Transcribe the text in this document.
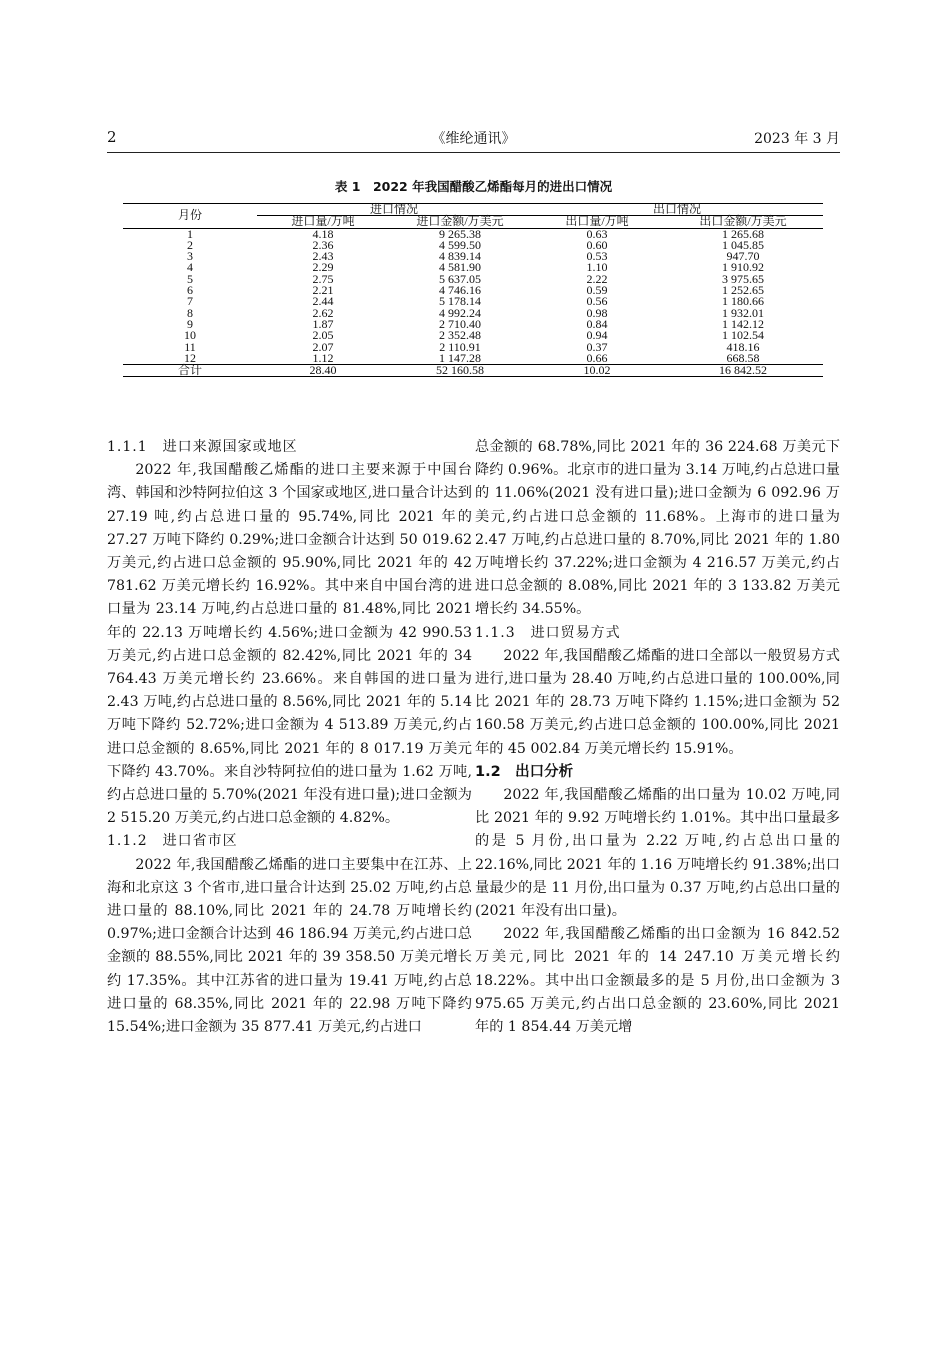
2	《维纶通讯》	2023 年 3 月
表 1　2022 年我国醋酸乙烯酯每月的进出口情况
月份	进口情况		出口情况	
	进口量/万吨	进口金额/万美元	出口量/万吨	出口金额/万美元
1	4.18	9 265.38	0.63	1 265.68
2	2.36	4 599.50	0.60	1 045.85
3	2.43	4 839.14	0.53	947.70
4	2.29	4 581.90	1.10	1 910.92
5	2.75	5 637.05	2.22	3 975.65
6	2.21	4 746.16	0.59	1 252.65
7	2.44	5 178.14	0.56	1 180.66
8	2.62	4 992.24	0.98	1 932.01
9	1.87	2 710.40	0.84	1 142.12
10	2.05	2 352.48	0.94	1 102.54
11	2.07	2 110.91	0.37	418.16
12	1.12	1 147.28	0.66	668.58
合计	28.40	52 160.58	10.02	16 842.52
1.1.1　进口来源国家或地区

2022 年,我国醋酸乙烯酯的进口主要来源于中国台湾、韩国和沙特阿拉伯这 3 个国家或地区,进口量合计达到 27.19 吨,约占总进口量的 95.74%,同比 2021 年的 27.27 万吨下降约 0.29%;进口金额合计达到 50 019.62 万美元,约占进口总金额的 95.90%,同比 2021 年的 42 781.62 万美元增长约 16.92%。其中来自中国台湾的进口量为 23.14 万吨,约占总进口量的 81.48%,同比 2021 年的 22.13 万吨增长约 4.56%;进口金额为 42 990.53 万美元,约占进口总金额的 82.42%,同比 2021 年的 34 764.43 万美元增长约 23.66%。来自韩国的进口量为 2.43 万吨,约占总进口量的 8.56%,同比 2021 年的 5.14 万吨下降约 52.72%;进口金额为 4 513.89 万美元,约占进口总金额的 8.65%,同比 2021 年的 8 017.19 万美元下降约 43.70%。来自沙特阿拉伯的进口量为 1.62 万吨,约占总进口量的 5.70%(2021 年没有进口量);进口金额为 2 515.20 万美元,约占进口总金额的 4.82%。

1.1.2　进口省市区

2022 年,我国醋酸乙烯酯的进口主要集中在江苏、上海和北京这 3 个省市,进口量合计达到 25.02 万吨,约占总进口量的 88.10%,同比 2021 年的 24.78 万吨增长约 0.97%;进口金额合计达到 46 186.94 万美元,约占进口总金额的 88.55%,同比 2021 年的 39 358.50 万美元增长约 17.35%。其中江苏省的进口量为 19.41 万吨,约占总进口量的 68.35%,同比 2021 年的 22.98 万吨下降约 15.54%;进口金额为 35 877.41 万美元,约占进口

总金额的 68.78%,同比 2021 年的 36 224.68 万美元下降约 0.96%。北京市的进口量为 3.14 万吨,约占总进口量的 11.06%(2021 没有进口量);进口金额为 6 092.96 万美元,约占进口总金额的 11.68%。上海市的进口量为 2.47 万吨,约占总进口量的 8.70%,同比 2021 年的 1.80 万吨增长约 37.22%;进口金额为 4 216.57 万美元,约占进口总金额的 8.08%,同比 2021 年的 3 133.82 万美元增长约 34.55%。

1.1.3　进口贸易方式

2022 年,我国醋酸乙烯酯的进口全部以一般贸易方式进行,进口量为 28.40 万吨,约占总进口量的 100.00%,同比 2021 年的 28.73 万吨下降约 1.15%;进口金额为 52 160.58 万美元,约占进口总金额的 100.00%,同比 2021 年的 45 002.84 万美元增长约 15.91%。

1.2　出口分析

2022 年,我国醋酸乙烯酯的出口量为 10.02 万吨,同比 2021 年的 9.92 万吨增长约 1.01%。其中出口量最多的是 5 月份,出口量为 2.22 万吨,约占总出口量的 22.16%,同比 2021 年的 1.16 万吨增长约 91.38%;出口量最少的是 11 月份,出口量为 0.37 万吨,约占总出口量的(2021 年没有出口量)。

2022 年,我国醋酸乙烯酯的出口金额为 16 842.52 万美元,同比 2021 年的 14 247.10 万美元增长约 18.22%。其中出口金额最多的是 5 月份,出口金额为 3 975.65 万美元,约占出口总金额的 23.60%,同比 2021 年的 1 854.44 万美元增
